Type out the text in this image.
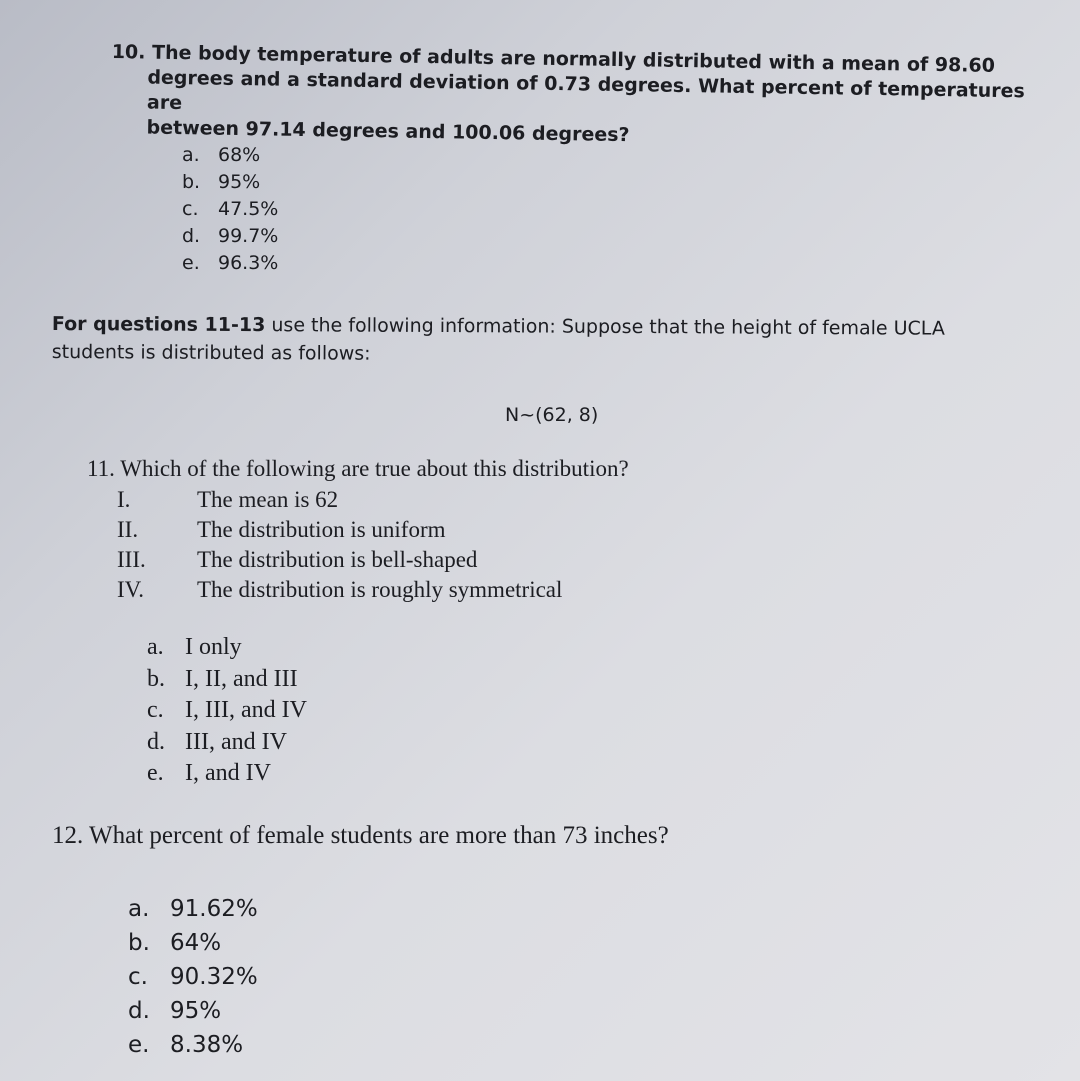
10. The body temperature of adults are normally distributed with a mean of 98.60
degrees and a standard deviation of 0.73 degrees. What percent of temperatures are
between 97.14 degrees and 100.06 degrees?

a. 68%
b. 95%
c.	47.5%
d. 99.7%
e. 96.3%
For questions 11-13 use the following information: Suppose that the height of female UCLA
students is distributed as follows:
N~(62, 8)

11. Which of the following are true about this distribution?

I.	The mean is 62
II.	The distribution is uniform
III.	The distribution is bell-shaped
IV.	The distribution is roughly symmetrical
a. I only
b. I, II, and III
c. I, III, and IV
d. III, and IV
e. I, and IV

12. What percent of female students are more than 73 inches?

a. 91.62%
b. 64%
c. 90.32%
d. 95%
e. 8.38%
